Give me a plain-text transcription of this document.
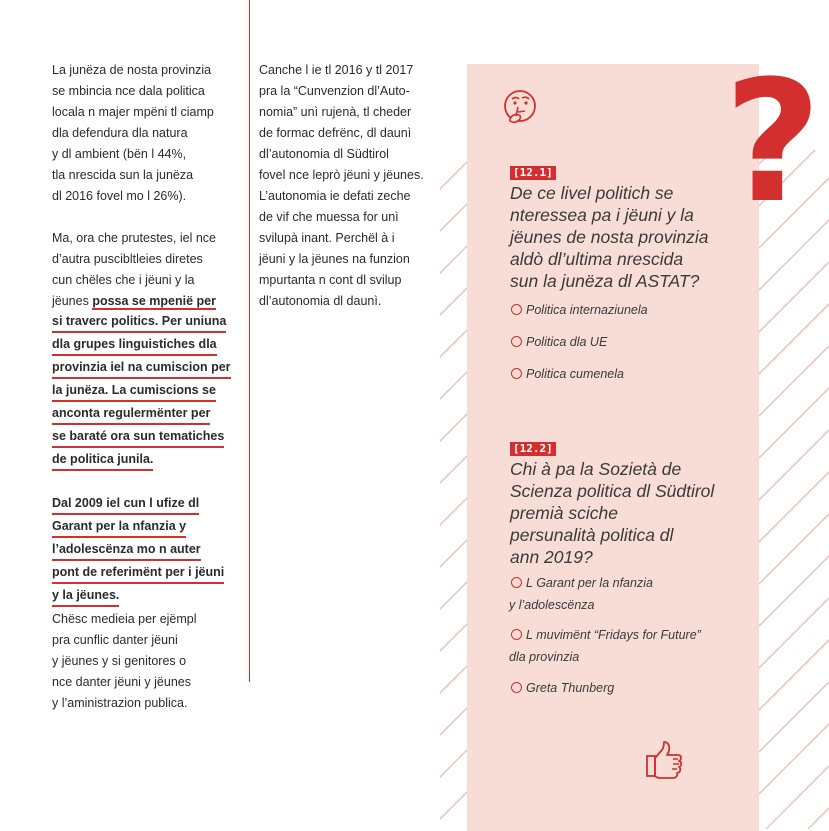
La junëza de nosta provinzia
se mbincia nce dala politica
locala n majer mpëni tl ciamp
dla defendura dla natura
y dl ambient (bën l 44%,
tla nrescida sun la junëza
dl 2016 fovel mo l 26%).

Ma, ora che prutestes, iel nce
d’autra puscibltleies diretes
cun chëles che i jëuni y la
jëunes possa se mpenië per
si traverc politics. Per uniuna
dla grupes linguistiches dla
provinzia iel na cumiscion per
la junëza. La cumiscions se
anconta regulermënter per
se baraté ora sun tematiches
de politica junila.

Dal 2009 iel cun l ufize dl
Garant per la nfanzia y
l’adolescënza mo n auter
pont de referimënt per i jëuni
y la jëunes.
Chësc medieia per ejëmpl
pra cunflic danter jëuni
y jëunes y si genitores o
nce danter jëuni y jëunes
y l’aministrazion publica.

Canche l ie tl 2016 y tl 2017
pra la “Cunvenzion dl’Auto-
nomia” unì rujenà, tl cheder
de formac defrënc, dl daunì
dl’autonomia dl Südtirol
fovel nce leprò jëuni y jëunes.
L’autonomia ie defati zeche
de vif che muessa for unì
svilupà inant. Perchël à i
jëuni y la jëunes na funzion
mpurtanta n cont dl svilup
dl’autonomia dl daunì.

?
[12.1]
De ce livel politich se
nteressea pa i jëuni y la
jëunes de nosta provinzia
aldò dl’ultima nrescida
sun la junëza dl ASTAT?
Politica internaziunela
Politica dla UE
Politica cumenela
[12.2]
Chi à pa la Sozietà de
Scienza politica dl Südtirol
premià sciche
persunalità politica dl
ann 2019?
L Garant per la nfanzia
y l’adolescënza
L muvimënt “Fridays for Future”
dla provinzia
Greta Thunberg
